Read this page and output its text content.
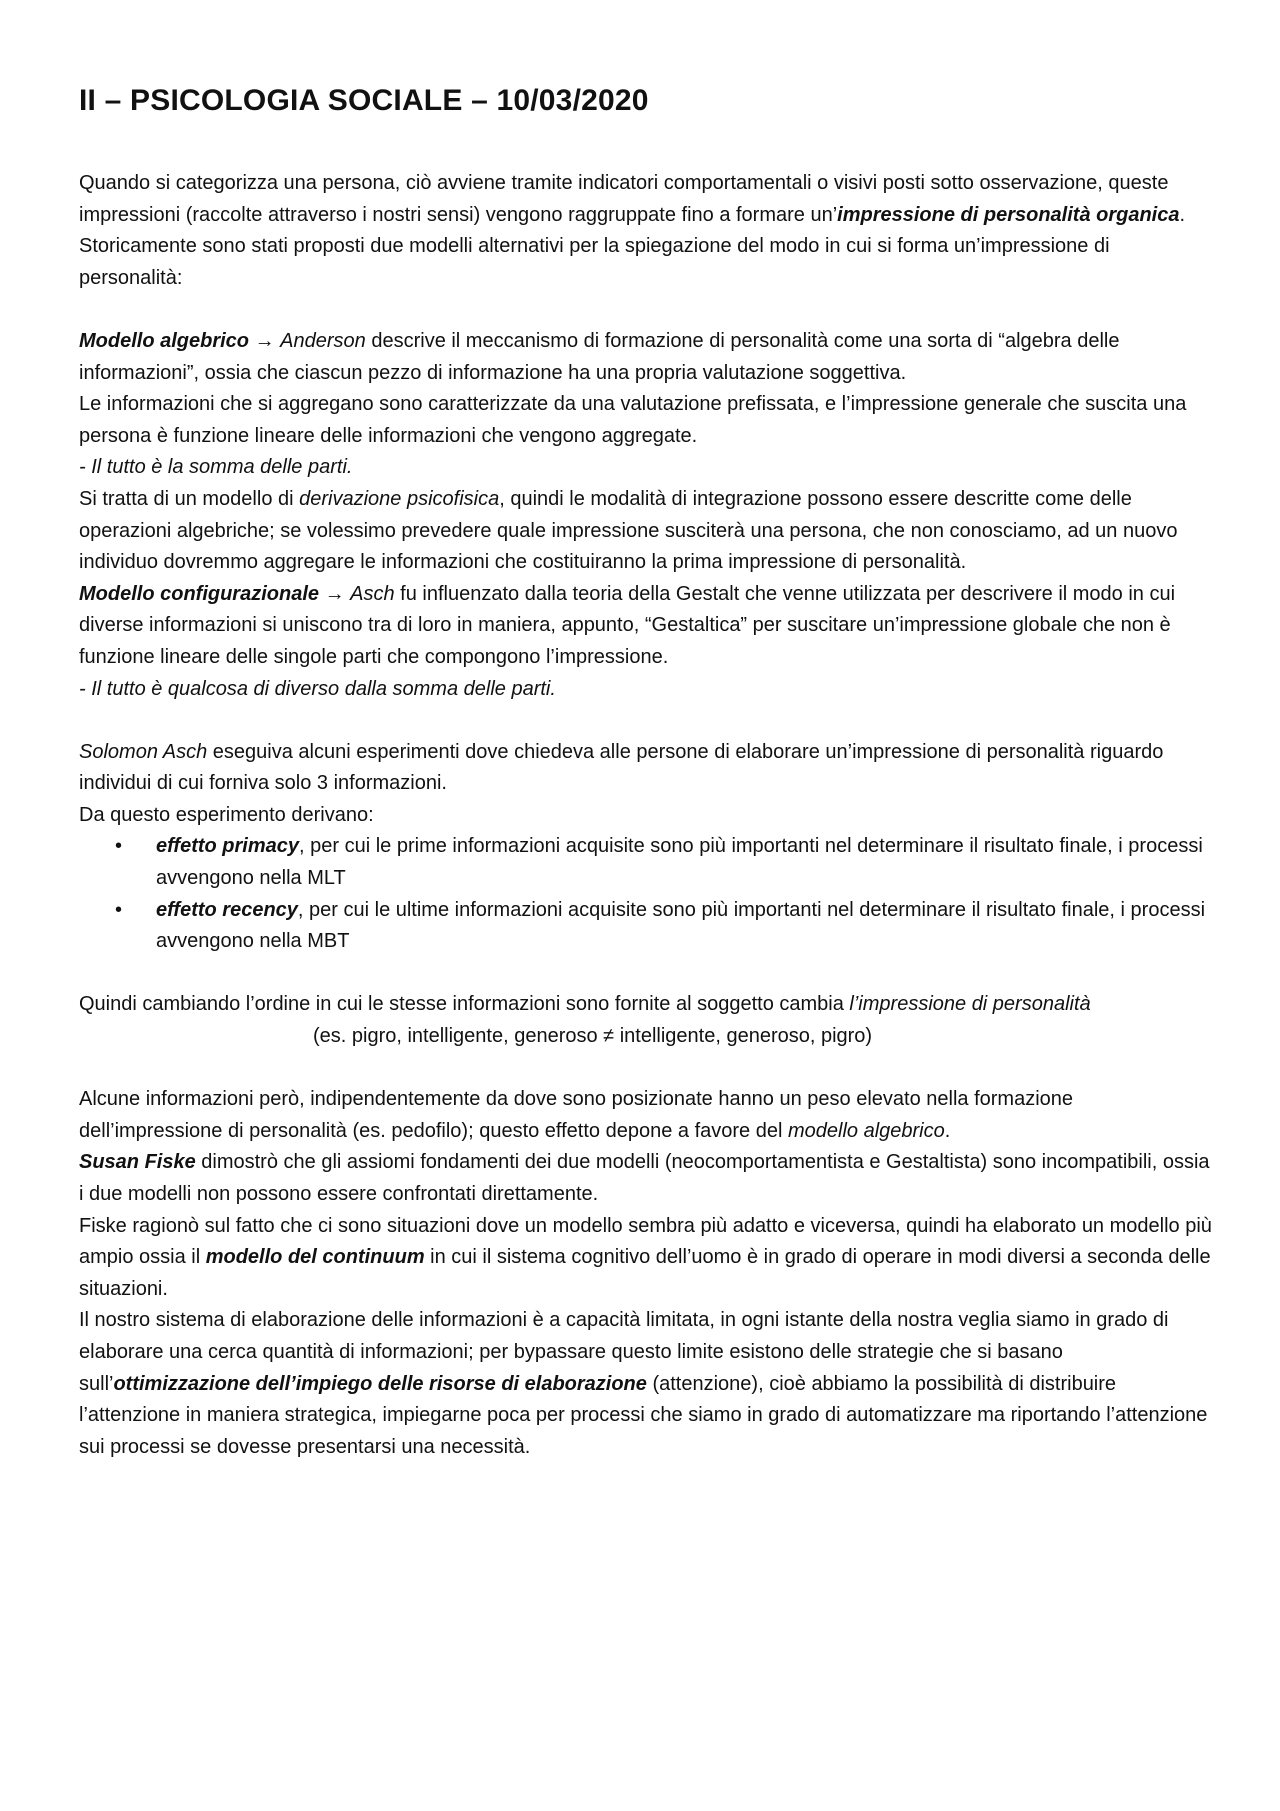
II – PSICOLOGIA SOCIALE – 10/03/2020

Quando si categorizza una persona, ciò avviene tramite indicatori comportamentali o visivi posti sotto osservazione, queste impressioni (raccolte attraverso i nostri sensi) vengono raggruppate fino a formare un’impressione di personalità organica.

Storicamente sono stati proposti due modelli alternativi per la spiegazione del modo in cui si forma un’impressione di personalità:

Modello algebrico → Anderson descrive il meccanismo di formazione di personalità come una sorta di “algebra delle informazioni”, ossia che ciascun pezzo di informazione ha una propria valutazione soggettiva.

Le informazioni che si aggregano sono caratterizzate da una valutazione prefissata, e l’impressione generale che suscita una persona è funzione lineare delle informazioni che vengono aggregate.

- Il tutto è la somma delle parti.

Si tratta di un modello di derivazione psicofisica, quindi le modalità di integrazione possono essere descritte come delle operazioni algebriche; se volessimo prevedere quale impressione susciterà una persona, che non conosciamo, ad un nuovo individuo dovremmo aggregare le informazioni che costituiranno la prima impressione di personalità.

Modello configurazionale → Asch fu influenzato dalla teoria della Gestalt che venne utilizzata per descrivere il modo in cui diverse informazioni si uniscono tra di loro in maniera, appunto, “Gestaltica” per suscitare un’impressione globale che non è funzione lineare delle singole parti che compongono l’impressione.

- Il tutto è qualcosa di diverso dalla somma delle parti.

Solomon Asch eseguiva alcuni esperimenti dove chiedeva alle persone di elaborare un’impressione di personalità riguardo individui di cui forniva solo 3 informazioni.

Da questo esperimento derivano:

• effetto primacy, per cui le prime informazioni acquisite sono più importanti nel determinare il risultato finale, i processi avvengono nella MLT
• effetto recency, per cui le ultime informazioni acquisite sono più importanti nel determinare il risultato finale, i processi avvengono nella MBT

Quindi cambiando l’ordine in cui le stesse informazioni sono fornite al soggetto cambia l’impressione di personalità

(es. pigro, intelligente, generoso ≠ intelligente, generoso, pigro)

Alcune informazioni però, indipendentemente da dove sono posizionate hanno un peso elevato nella formazione dell’impressione di personalità (es. pedofilo); questo effetto depone a favore del modello algebrico.

Susan Fiske dimostrò che gli assiomi fondamenti dei due modelli (neocomportamentista e Gestaltista) sono incompatibili, ossia i due modelli non possono essere confrontati direttamente.

Fiske ragionò sul fatto che ci sono situazioni dove un modello sembra più adatto e viceversa, quindi ha elaborato un modello più ampio ossia il modello del continuum in cui il sistema cognitivo dell’uomo è in grado di operare in modi diversi a seconda delle situazioni.

Il nostro sistema di elaborazione delle informazioni è a capacità limitata, in ogni istante della nostra veglia siamo in grado di elaborare una cerca quantità di informazioni; per bypassare questo limite esistono delle strategie che si basano sull’ottimizzazione dell’impiego delle risorse di elaborazione (attenzione), cioè abbiamo la possibilità di distribuire l’attenzione in maniera strategica, impiegarne poca per processi che siamo in grado di automatizzare ma riportando l’attenzione sui processi se dovesse presentarsi una necessità.
